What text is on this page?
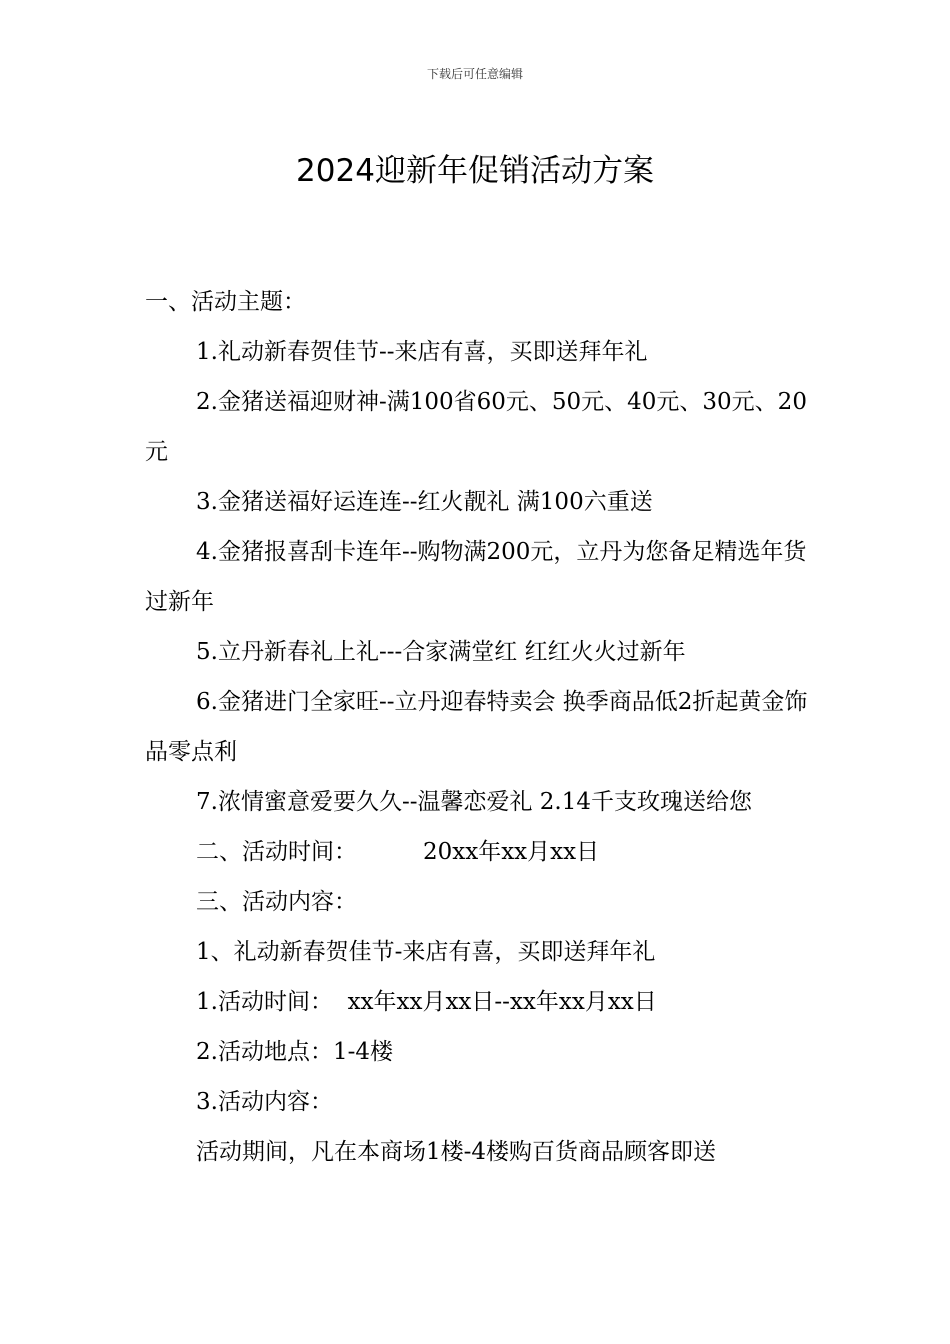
下载后可任意编辑
2024迎新年促销活动方案

一、活动主题：

1.礼动新春贺佳节--来店有喜，买即送拜年礼

2.金猪送福迎财神-满100省60元、50元、40元、30元、20元

3.金猪送福好运连连--红火靓礼 满100六重送

4.金猪报喜刮卡连年--购物满200元，立丹为您备足精选年货 过新年

5.立丹新春礼上礼---合家满堂红 红红火火过新年

6.金猪进门全家旺--立丹迎春特卖会 换季商品低2折起黄金饰品零点利

7.浓情蜜意爱要久久--温馨恋爱礼 2.14千支玫瑰送给您

二、活动时间：	20xx年xx月xx日

三、活动内容：

1、礼动新春贺佳节-来店有喜，买即送拜年礼

1.活动时间： xx年xx月xx日--xx年xx月xx日

2.活动地点：1-4楼

3.活动内容：

活动期间，凡在本商场1楼-4楼购百货商品顾客即送
